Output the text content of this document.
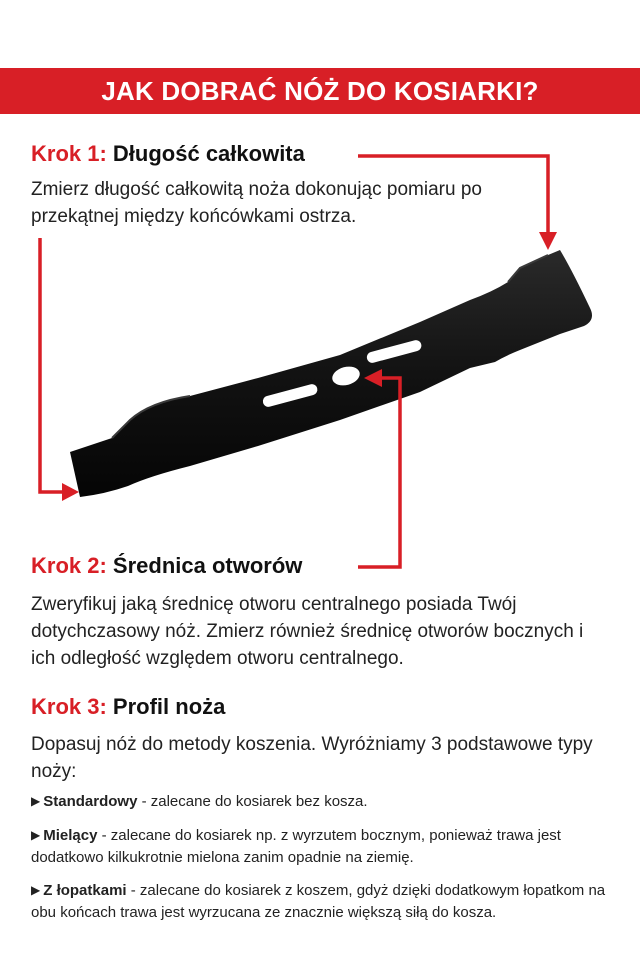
JAK DOBRAĆ NÓŻ DO KOSIARKI?
Krok 1: Długość całkowita
Zmierz długość całkowitą noża dokonując pomiaru po przekątnej między końcówkami ostrza.
Krok 2: Średnica otworów
Zweryfikuj jaką średnicę otworu centralnego posiada Twój dotychczasowy nóż. Zmierz również średnicę otworów bocznych i ich odległość względem otworu centralnego.
Krok 3: Profil noża
Dopasuj nóż do metody koszenia. Wyróżniamy 3 podstawowe typy noży:
▶ Standardowy - zalecane do kosiarek bez kosza.
▶ Mielący - zalecane do kosiarek np. z wyrzutem bocznym, ponieważ trawa jest dodatkowo kilkukrotnie mielona zanim opadnie na ziemię.
▶ Z łopatkami - zalecane do kosiarek z koszem, gdyż dzięki dodatkowym łopatkom na obu końcach trawa jest wyrzucana ze znacznie większą siłą do kosza.
